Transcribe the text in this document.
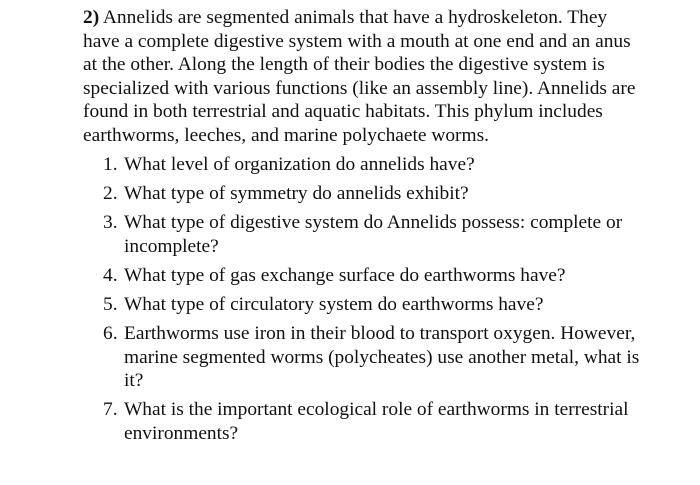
2) Annelids are segmented animals that have a hydroskeleton. They have a complete digestive system with a mouth at one end and an anus at the other. Along the length of their bodies the digestive system is specialized with various functions (like an assembly line). Annelids are found in both terrestrial and aquatic habitats. This phylum includes earthworms, leeches, and marine polychaete worms.

1. What level of organization do annelids have?
2. What type of symmetry do annelids exhibit?
3. What type of digestive system do Annelids possess: complete or incomplete?
4. What type of gas exchange surface do earthworms have?
5. What type of circulatory system do earthworms have?
6. Earthworms use iron in their blood to transport oxygen. However, marine segmented worms (polycheates) use another metal, what is it?
7. What is the important ecological role of earthworms in terrestrial environments?
